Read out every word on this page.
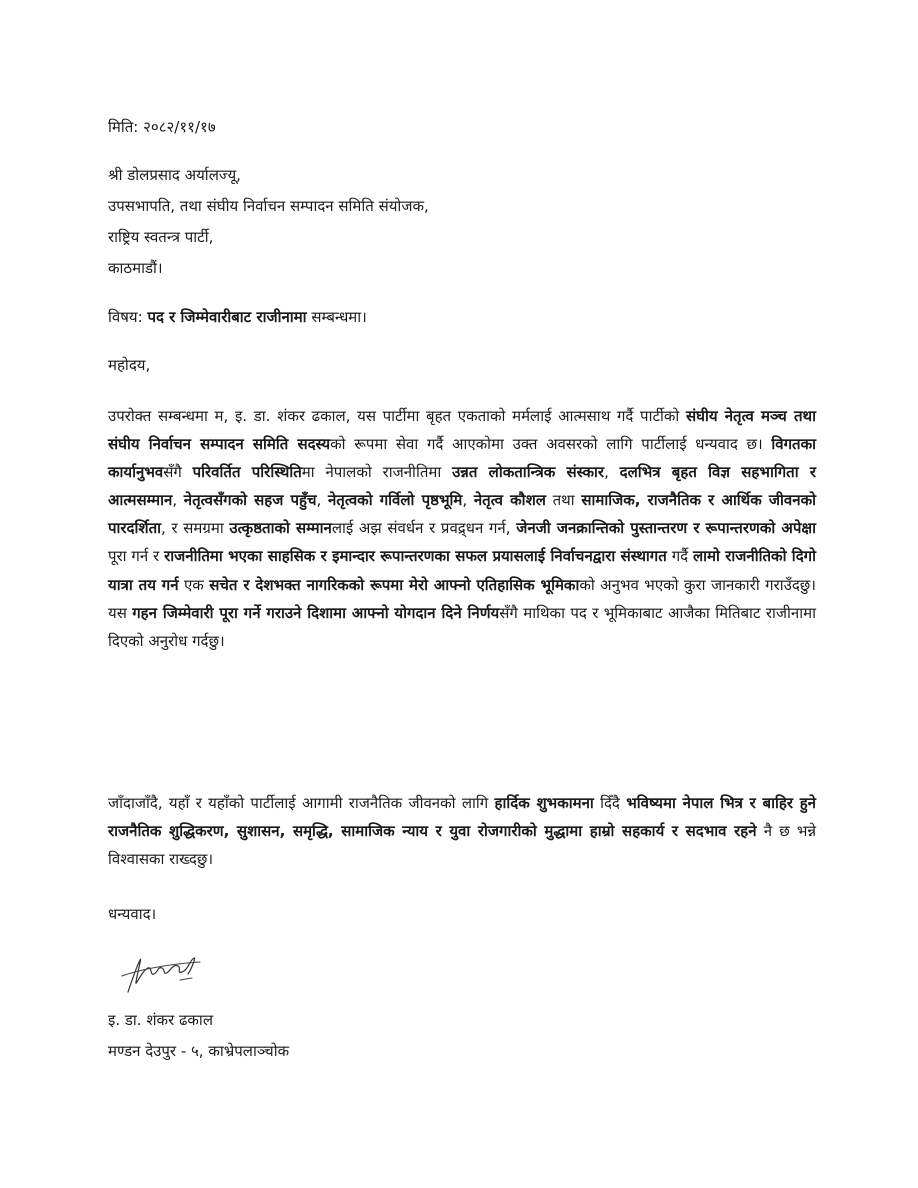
मिति: २०८२/११/१७
श्री डोलप्रसाद अर्यालज्यू,
उपसभापति, तथा संघीय निर्वाचन सम्पादन समिति संयोजक,
राष्ट्रिय स्वतन्त्र पार्टी,
काठमाडौं।
विषय: पद र जिम्मेवारीबाट राजीनामा सम्बन्धमा।
महोदय,
उपरोक्त सम्बन्धमा म, इ. डा. शंकर ढकाल, यस पार्टीमा बृहत एकताको मर्मलाई आत्मसाथ गर्दै पार्टीको संघीय नेतृत्व मञ्च तथा संघीय निर्वाचन सम्पादन समिति सदस्यको रूपमा सेवा गर्दै आएकोमा उक्त अवसरको लागि पार्टीलाई धन्यवाद छ। विगतका कार्यानुभवसँगै परिवर्तित परिस्थितिमा नेपालको राजनीतिमा उन्नत लोकतान्त्रिक संस्कार, दलभित्र बृहत विज्ञ सहभागिता र आत्मसम्मान, नेतृत्वसँगको सहज पहुँच, नेतृत्वको गर्विलो पृष्ठभूमि, नेतृत्व कौशल तथा सामाजिक, राजनैतिक र आर्थिक जीवनको पारदर्शिता, र समग्रमा उत्कृष्ठताको सम्मानलाई अझ संवर्धन र प्रवद्र्धन गर्न, जेनजी जनक्रान्तिको पुस्तान्तरण र रूपान्तरणको अपेक्षा पूरा गर्न र राजनीतिमा भएका साहसिक र इमान्दार रूपान्तरणका सफल प्रयासलाई निर्वाचनद्वारा संस्थागत गर्दै लामो राजनीतिको दिगो यात्रा तय गर्न एक सचेत र देशभक्त नागरिकको रूपमा मेरो आफ्नो एतिहासिक भूमिकाको अनुभव भएको कुरा जानकारी गराउँदछु। यस गहन जिम्मेवारी पूरा गर्ने गराउने दिशामा आफ्नो योगदान दिने निर्णयसँगै माथिका पद र भूमिकाबाट आजैका मितिबाट राजीनामा दिएको अनुरोध गर्दछु।
जाँदाजाँदै, यहाँ र यहाँको पार्टीलाई आगामी राजनैतिक जीवनको लागि हार्दिक शुभकामना दिँदै भविष्यमा नेपाल भित्र र बाहिर हुने राजनैतिक शुद्धिकरण, सुशासन, समृद्धि, सामाजिक न्याय र युवा रोजगारीको मुद्धामा हाम्रो सहकार्य र सदभाव रहने नै छ भन्ने विश्वासका राख्दछु।
धन्यवाद।
इ. डा. शंकर ढकाल
मण्डन देउपुर - ५, काभ्रेपलाञ्चोक
